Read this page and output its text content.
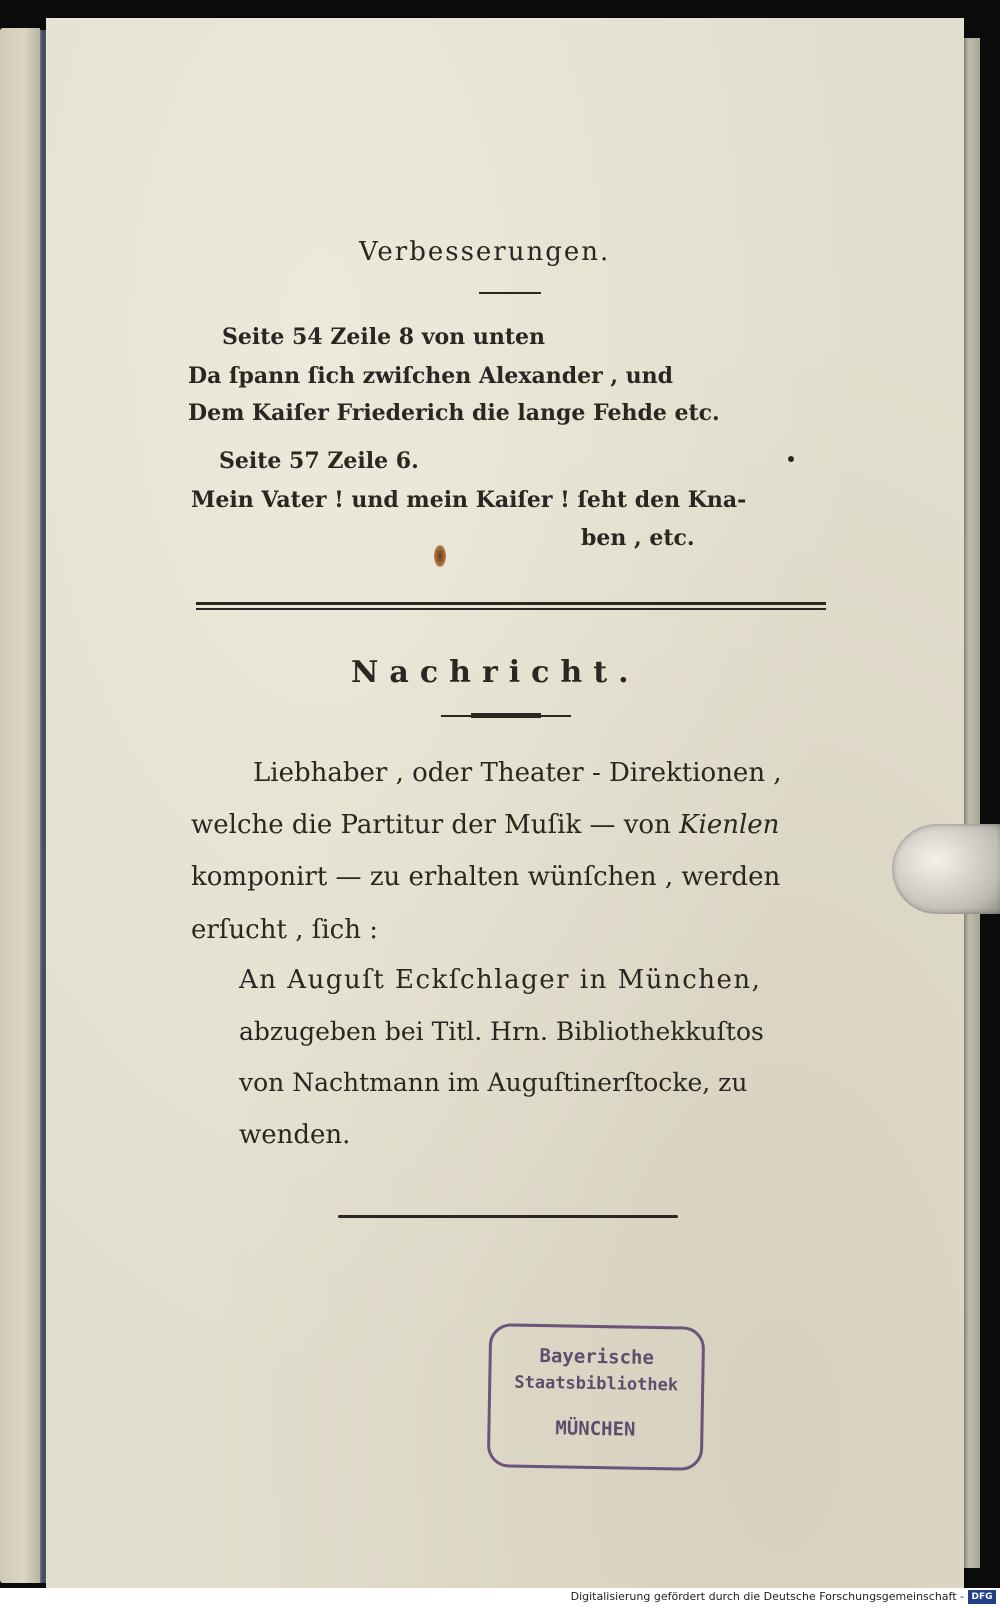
Verbesserungen.
Seite 54 Zeile 8 von unten
Da ſpann ſich zwiſchen Alexander , und
Dem Kaiſer Friederich die lange Fehde etc.
Seite 57 Zeile 6.
Mein Vater ! und mein Kaiſer ! ſeht den Kna-
ben , etc.
Nachricht.
Liebhaber , oder Theater - Direktionen ,
welche die Partitur der Muſik — von Kienlen
komponirt — zu erhalten wünſchen , werden
erſucht , ſich :
An Auguſt Eckſchlager in München,
abzugeben bei Titl. Hrn. Bibliothekkuſtos
von Nachtmann im Auguſtinerſtocke, zu
wenden.
Bayerische
Staatsbibliothek
MÜNCHEN
Digitalisierung gefördert durch die Deutsche Forschungsgemeinschaft - DFG
